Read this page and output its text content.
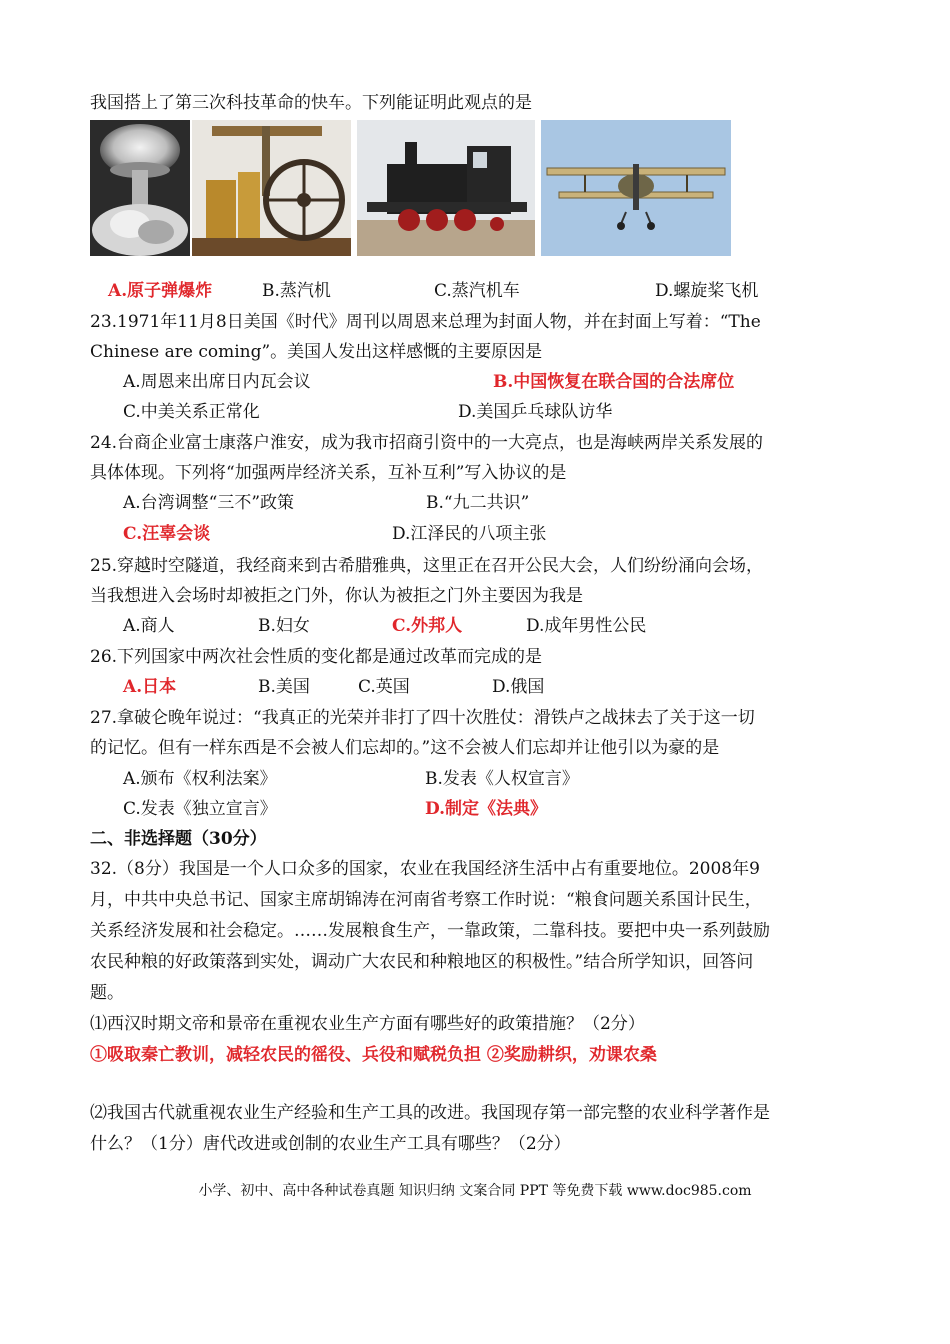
我国搭上了第三次科技革命的快车。下列能证明此观点的是
A.原子弹爆炸	B.蒸汽机	C.蒸汽机车	D.螺旋桨飞机
23.1971年11月8日美国《时代》周刊以周恩来总理为封面人物，并在封面上写着：“The
Chinese are coming”。美国人发出这样感慨的主要原因是
A.周恩来出席日内瓦会议	B.中国恢复在联合国的合法席位
C.中美关系正常化	D.美国乒乓球队访华
24.台商企业富士康落户淮安，成为我市招商引资中的一大亮点，也是海峡两岸关系发展的
具体体现。下列将“加强两岸经济关系，互补互利”写入协议的是
A.台湾调整“三不”政策	B.“九二共识”
C.汪辜会谈	D.江泽民的八项主张
25.穿越时空隧道，我经商来到古希腊雅典，这里正在召开公民大会，人们纷纷涌向会场，
当我想进入会场时却被拒之门外，你认为被拒之门外主要因为我是
A.商人	B.妇女	C.外邦人	D.成年男性公民
26.下列国家中两次社会性质的变化都是通过改革而完成的是
A.日本	B.美国	C.英国	D.俄国
27.拿破仑晚年说过：“我真正的光荣并非打了四十次胜仗：滑铁卢之战抹去了关于这一切
的记忆。但有一样东西是不会被人们忘却的。”这不会被人们忘却并让他引以为豪的是
A.颁布《权利法案》	B.发表《人权宣言》
C.发表《独立宣言》	D.制定《法典》
二、非选择题（30分）
32.（8分）我国是一个人口众多的国家，农业在我国经济生活中占有重要地位。2008年9
月，中共中央总书记、国家主席胡锦涛在河南省考察工作时说：“粮食问题关系国计民生，
关系经济发展和社会稳定。……发展粮食生产，一靠政策，二靠科技。要把中央一系列鼓励
农民种粮的好政策落到实处，调动广大农民和种粮地区的积极性。”结合所学知识，回答问
题。
⑴西汉时期文帝和景帝在重视农业生产方面有哪些好的政策措施？（2分）
①吸取秦亡教训，减轻农民的徭役、兵役和赋税负担 ②奖励耕织，劝课农桑
⑵我国古代就重视农业生产经验和生产工具的改进。我国现存第一部完整的农业科学著作是
什么？（1分）唐代改进或创制的农业生产工具有哪些？（2分）
小学、初中、高中各种试卷真题 知识归纳 文案合同 PPT 等免费下载 www.doc985.com
